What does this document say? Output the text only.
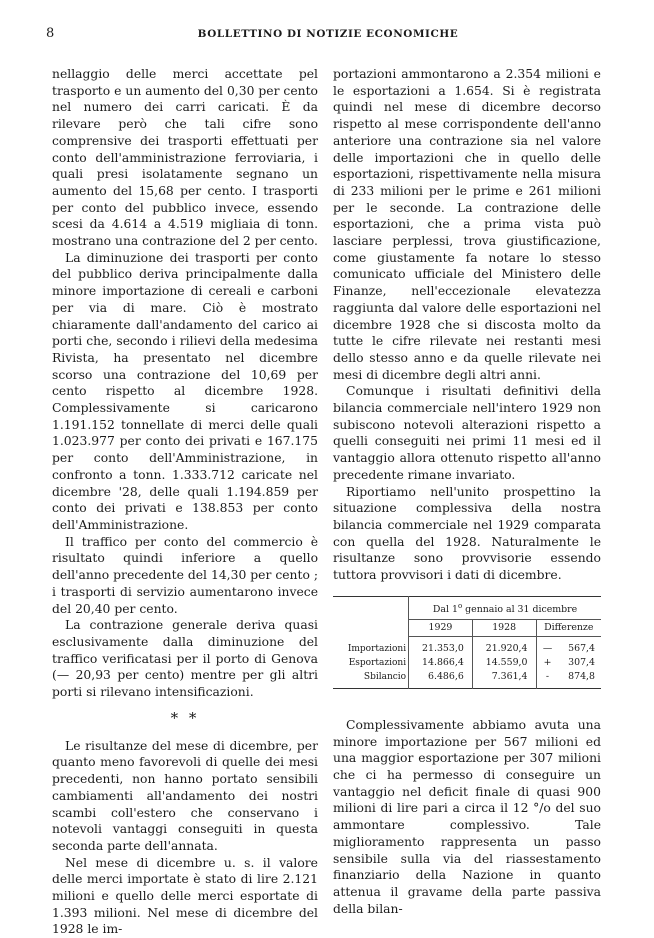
8	BOLLETTINO DI NOTIZIE ECONOMICHE

nellaggio delle merci accettate pel trasporto e un aumento del 0,30 per cento nel numero dei carri caricati. È da rilevare però che tali cifre sono comprensive dei trasporti effettuati per conto dell'amministrazione ferroviaria, i quali presi isolatamente segnano un aumento del 15,68 per cento. I trasporti per conto del pubblico invece, essendo scesi da 4.614 a 4.519 migliaia di tonn. mostrano una contrazione del 2 per cento.

La diminuzione dei trasporti per conto del pubblico deriva principalmente dalla minore importazione di cereali e carboni per via di mare. Ciò è mostrato chiaramente dall'andamento del carico ai porti che, secondo i rilievi della medesima Rivista, ha presentato nel dicembre scorso una contrazione del 10,69 per cento rispetto al dicembre 1928. Complessivamente si caricarono 1.191.152 tonnellate di merci delle quali 1.023.977 per conto dei privati e 167.175 per conto dell'Amministrazione, in confronto a tonn. 1.333.712 caricate nel dicembre '28, delle quali 1.194.859 per conto dei privati e 138.853 per conto dell'Amministrazione.

Il traffico per conto del commercio è risultato quindi inferiore a quello dell'anno precedente del 14,30 per cento ; i trasporti di servizio aumentarono invece del 20,40 per cento.

La contrazione generale deriva quasi esclusivamente dalla diminuzione del traffico verificatasi per il porto di Genova (— 20,93 per cento) mentre per gli altri porti si rilevano intensificazioni.

* *

Le risultanze del mese di dicembre, per quanto meno favorevoli di quelle dei mesi precedenti, non hanno portato sensibili cambiamenti all'andamento dei nostri scambi coll'estero che conservano i notevoli vantaggi conseguiti in questa seconda parte dell'annata.

Nel mese di dicembre u. s. il valore delle merci importate è stato di lire 2.121 milioni e quello delle merci esportate di 1.393 milioni. Nel mese di dicembre del 1928 le im-

portazioni ammontarono a 2.354 milioni e le esportazioni a 1.654. Si è registrata quindi nel mese di dicembre decorso rispetto al mese corrispondente dell'anno anteriore una contrazione sia nel valore delle importazioni che in quello delle esportazioni, rispettivamente nella misura di 233 milioni per le prime e 261 milioni per le seconde. La contrazione delle esportazioni, che a prima vista può lasciare perplessi, trova giustificazione, come giustamente fa notare lo stesso comunicato ufficiale del Ministero delle Finanze, nell'eccezionale elevatezza raggiunta dal valore delle esportazioni nel dicembre 1928 che si discosta molto da tutte le cifre rilevate nei restanti mesi dello stesso anno e da quelle rilevate nei mesi di dicembre degli altri anni.

Comunque i risultati definitivi della bilancia commerciale nell'intero 1929 non subiscono notevoli alterazioni rispetto a quelli conseguiti nei primi 11 mesi ed il vantaggio allora ottenuto rispetto all'anno precedente rimane invariato.

Riportiamo nell'unito prospettino la situazione complessiva della nostra bilancia commerciale nel 1929 comparata con quella del 1928. Naturalmente le risultanze sono provvisorie essendo tuttora provvisori i dati di dicembre.

	Dal 1$^o$ gennaio al 31 dicembre			
	1929	1928	Differenze	
Importazioni	21.353,0	21.920,4	—	567,4
Esportazioni	14.866,4	14.559,0	+	307,4
Sbilancio	6.486,6	7.361,4	-	874,8

Complessivamente abbiamo avuta una minore importazione per 567 milioni ed una maggior esportazione per 307 milioni che ci ha permesso di conseguire un vantaggio nel deficit finale di quasi 900 milioni di lire pari a circa il 12 °/o del suo ammontare complessivo. Tale miglioramento rappresenta un passo sensibile sulla via del riassestamento finanziario della Nazione in quanto attenua il gravame della parte passiva della bilan-
